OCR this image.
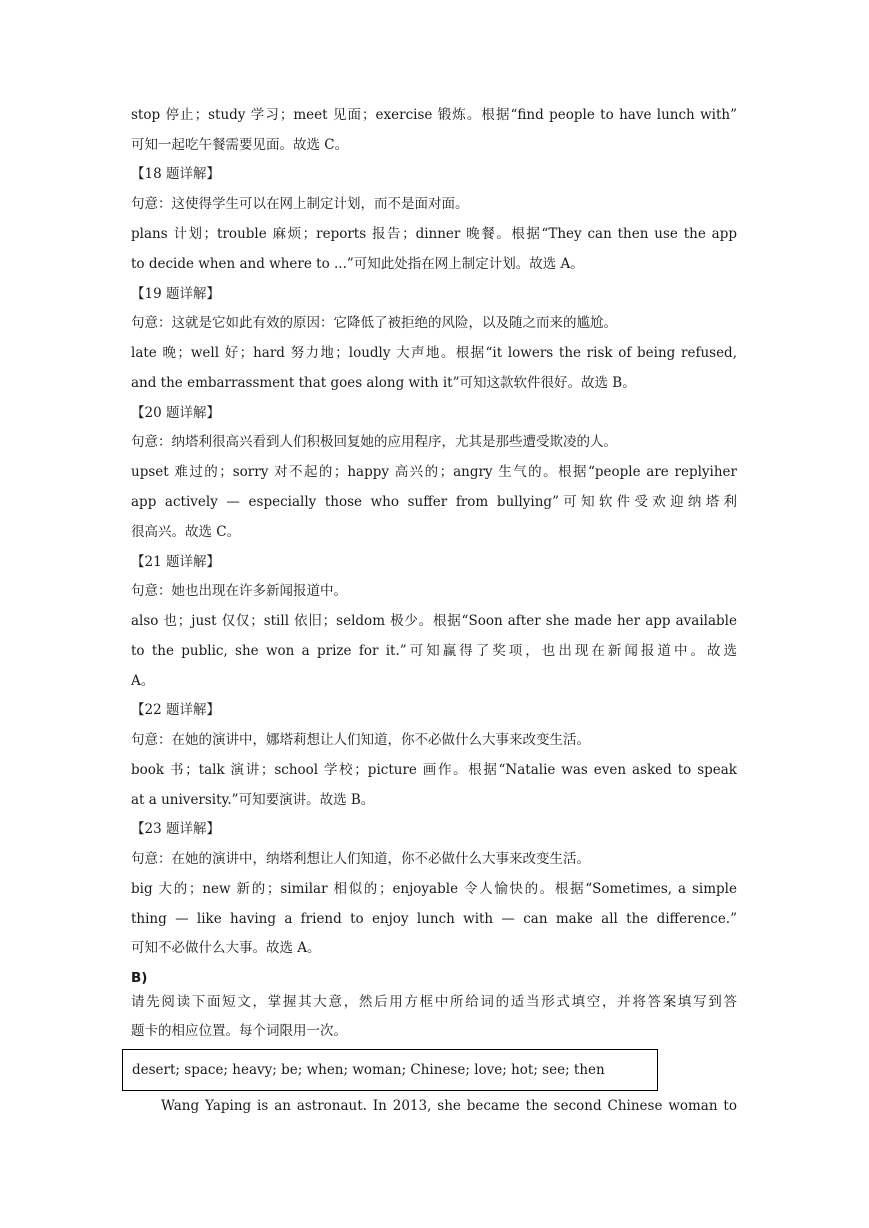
stop 停止；study 学习；meet 见面；exercise 锻炼。根据“find people to have lunch with”
可知一起吃午餐需要见面。故选 C。
【18 题详解】
句意：这使得学生可以在网上制定计划，而不是面对面。
plans 计划；trouble 麻烦；reports 报告；dinner 晚餐。根据“They can then use the app
to decide when and where to ...”可知此处指在网上制定计划。故选 A。
【19 题详解】
句意：这就是它如此有效的原因：它降低了被拒绝的风险，以及随之而来的尴尬。
late 晚；well 好；hard 努力地；loudly 大声地。根据“it lowers the risk of being refused,
and the embarrassment that goes along with it”可知这款软件很好。故选 B。
【20 题详解】
句意：纳塔利很高兴看到人们积极回复她的应用程序，尤其是那些遭受欺凌的人。
upset 难过的；sorry 对不起的；happy 高兴的；angry 生气的。根据“people are replyiher
app actively — especially those who suffer from bullying”可知软件受欢迎纳塔利
很高兴。故选 C。
【21 题详解】
句意：她也出现在许多新闻报道中。
also 也；just 仅仅；still 依旧；seldom 极少。根据“Soon after she made her app available
to the public, she won a prize for it.”可知赢得了奖项，也出现在新闻报道中。故选
A。
【22 题详解】
句意：在她的演讲中，娜塔莉想让人们知道，你不必做什么大事来改变生活。
book 书；talk 演讲；school 学校；picture 画作。根据“Natalie was even asked to speak
at a university.”可知要演讲。故选 B。
【23 题详解】
句意：在她的演讲中，纳塔利想让人们知道，你不必做什么大事来改变生活。
big 大的；new 新的；similar 相似的；enjoyable 令人愉快的。根据“Sometimes, a simple
thing — like having a friend to enjoy lunch with — can make all the difference.”
可知不必做什么大事。故选 A。
B)
请先阅读下面短文，掌握其大意，然后用方框中所给词的适当形式填空，并将答案填写到答
题卡的相应位置。每个词限用一次。
desert; space; heavy; be; when; woman; Chinese; love; hot; see; then
Wang Yaping is an astronaut. In 2013, she became the second Chinese woman to
